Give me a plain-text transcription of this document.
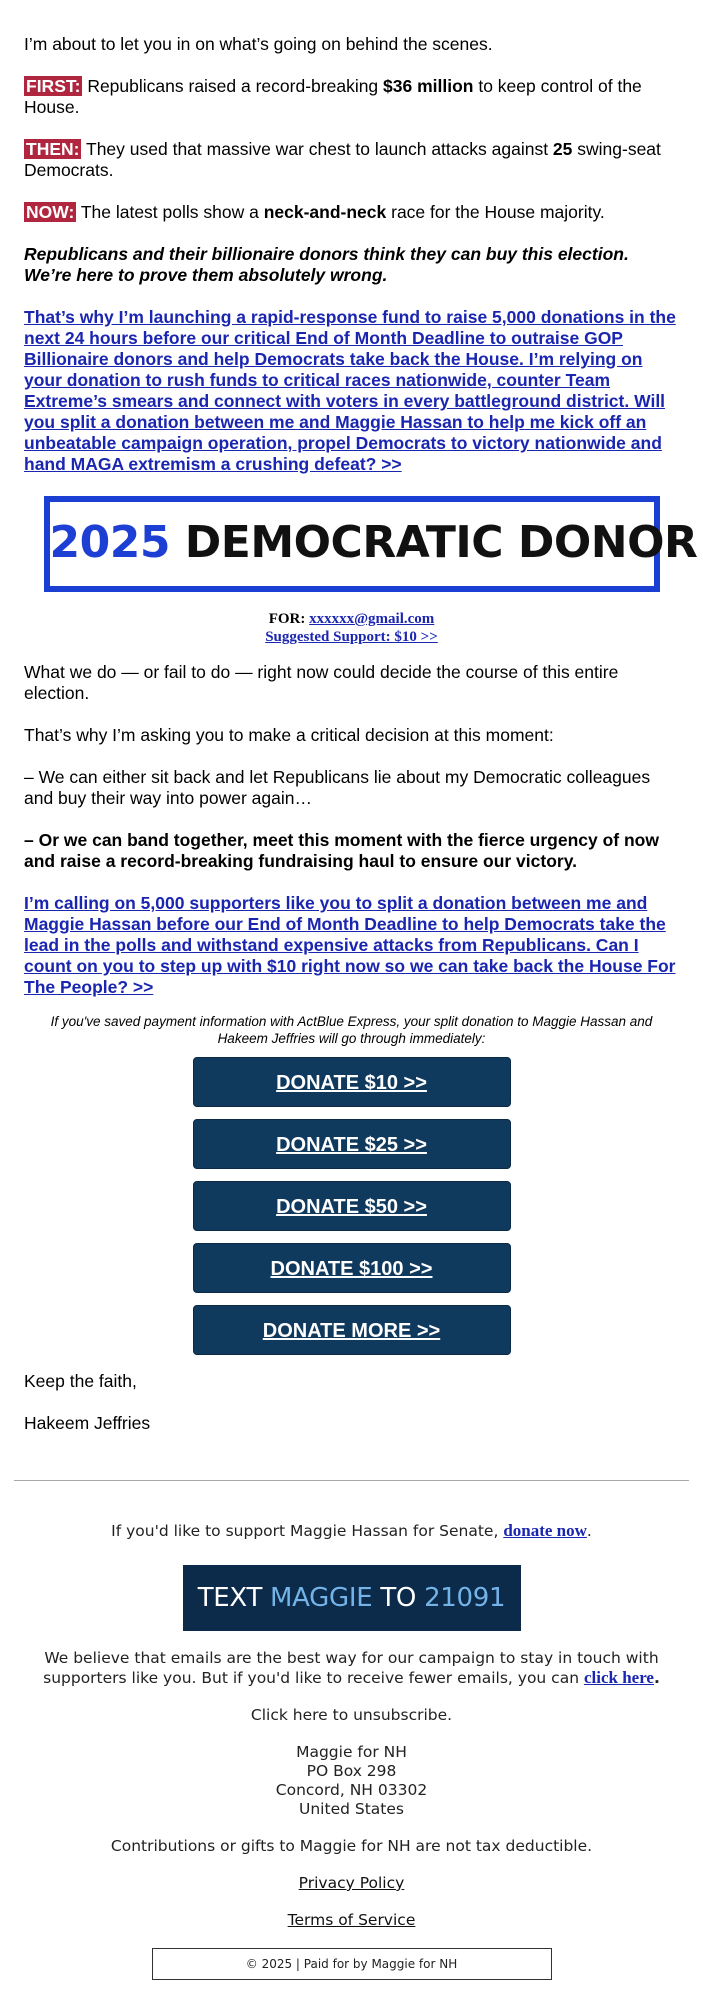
I’m about to let you in on what’s going on behind the scenes.

FIRST: Republicans raised a record-breaking $36 million to keep control of the House.

THEN: They used that massive war chest to launch attacks against 25 swing-seat Democrats.

NOW: The latest polls show a neck-and-neck race for the House majority.

Republicans and their billionaire donors think they can buy this election. We’re here to prove them absolutely wrong.

That’s why I’m launching a rapid-response fund to raise 5,000 donations in the next 24 hours before our critical End of Month Deadline to outraise GOP Billionaire donors and help Democrats take back the House. I’m relying on your donation to rush funds to critical races nationwide, counter Team Extreme’s smears and connect with voters in every battleground district. Will you split a donation between me and Maggie Hassan to help me kick off an unbeatable campaign operation, propel Democrats to victory nationwide and hand MAGA extremism a crushing defeat? >>

2025 DEMOCRATIC DONOR
FOR: xxxxxx@gmail.com
Suggested Support: $10 >>

What we do — or fail to do — right now could decide the course of this entire election.

That’s why I’m asking you to make a critical decision at this moment:

– We can either sit back and let Republicans lie about my Democratic colleagues and buy their way into power again…

– Or we can band together, meet this moment with the fierce urgency of now and raise a record-breaking fundraising haul to ensure our victory.

I’m calling on 5,000 supporters like you to split a donation between me and Maggie Hassan before our End of Month Deadline to help Democrats take the lead in the polls and withstand expensive attacks from Republicans. Can I count on you to step up with $10 right now so we can take back the House For The People? >>

If you've saved payment information with ActBlue Express, your split donation to Maggie Hassan and Hakeem Jeffries will go through immediately:
DONATE $10 >>
DONATE $25 >>
DONATE $50 >>
DONATE $100 >>
DONATE MORE >>

Keep the faith,

Hakeem Jeffries

If you'd like to support Maggie Hassan for Senate, donate now.
TEXT MAGGIE TO 21091
We believe that emails are the best way for our campaign to stay in touch with supporters like you. But if you'd like to receive fewer emails, you can click here.
Click here to unsubscribe.
Maggie for NH
PO Box 298
Concord, NH 03302
United States
Contributions or gifts to Maggie for NH are not tax deductible.
Privacy Policy
Terms of Service
© 2025 | Paid for by Maggie for NH
